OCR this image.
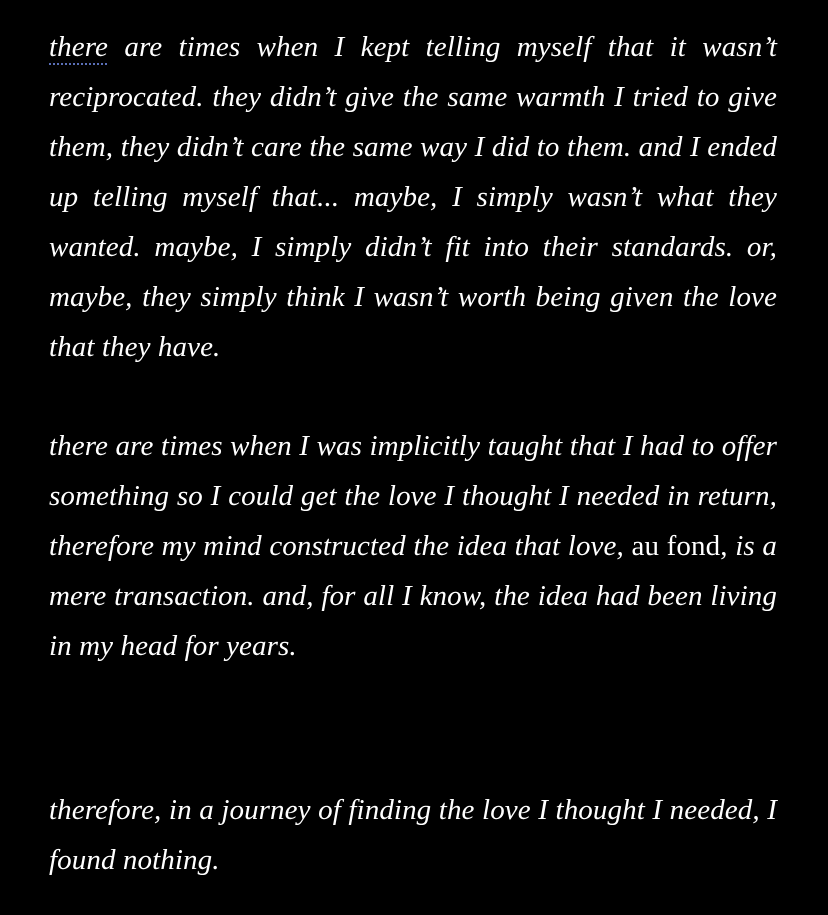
there are times when I kept telling myself that it wasn’t reciprocated. they didn’t give the same warmth I tried to give them, they didn’t care the same way I did to them. and I ended up telling myself that... maybe, I simply wasn’t what they wanted. maybe, I simply didn’t fit into their standards. or, maybe, they simply think I wasn’t worth being given the love that they have.

there are times when I was implicitly taught that I had to offer something so I could get the love I thought I needed in return, therefore my mind constructed the idea that love, au fond, is a mere transaction. and, for all I know, the idea had been living in my head for years.

therefore, in a journey of finding the love I thought I needed, I found nothing.
